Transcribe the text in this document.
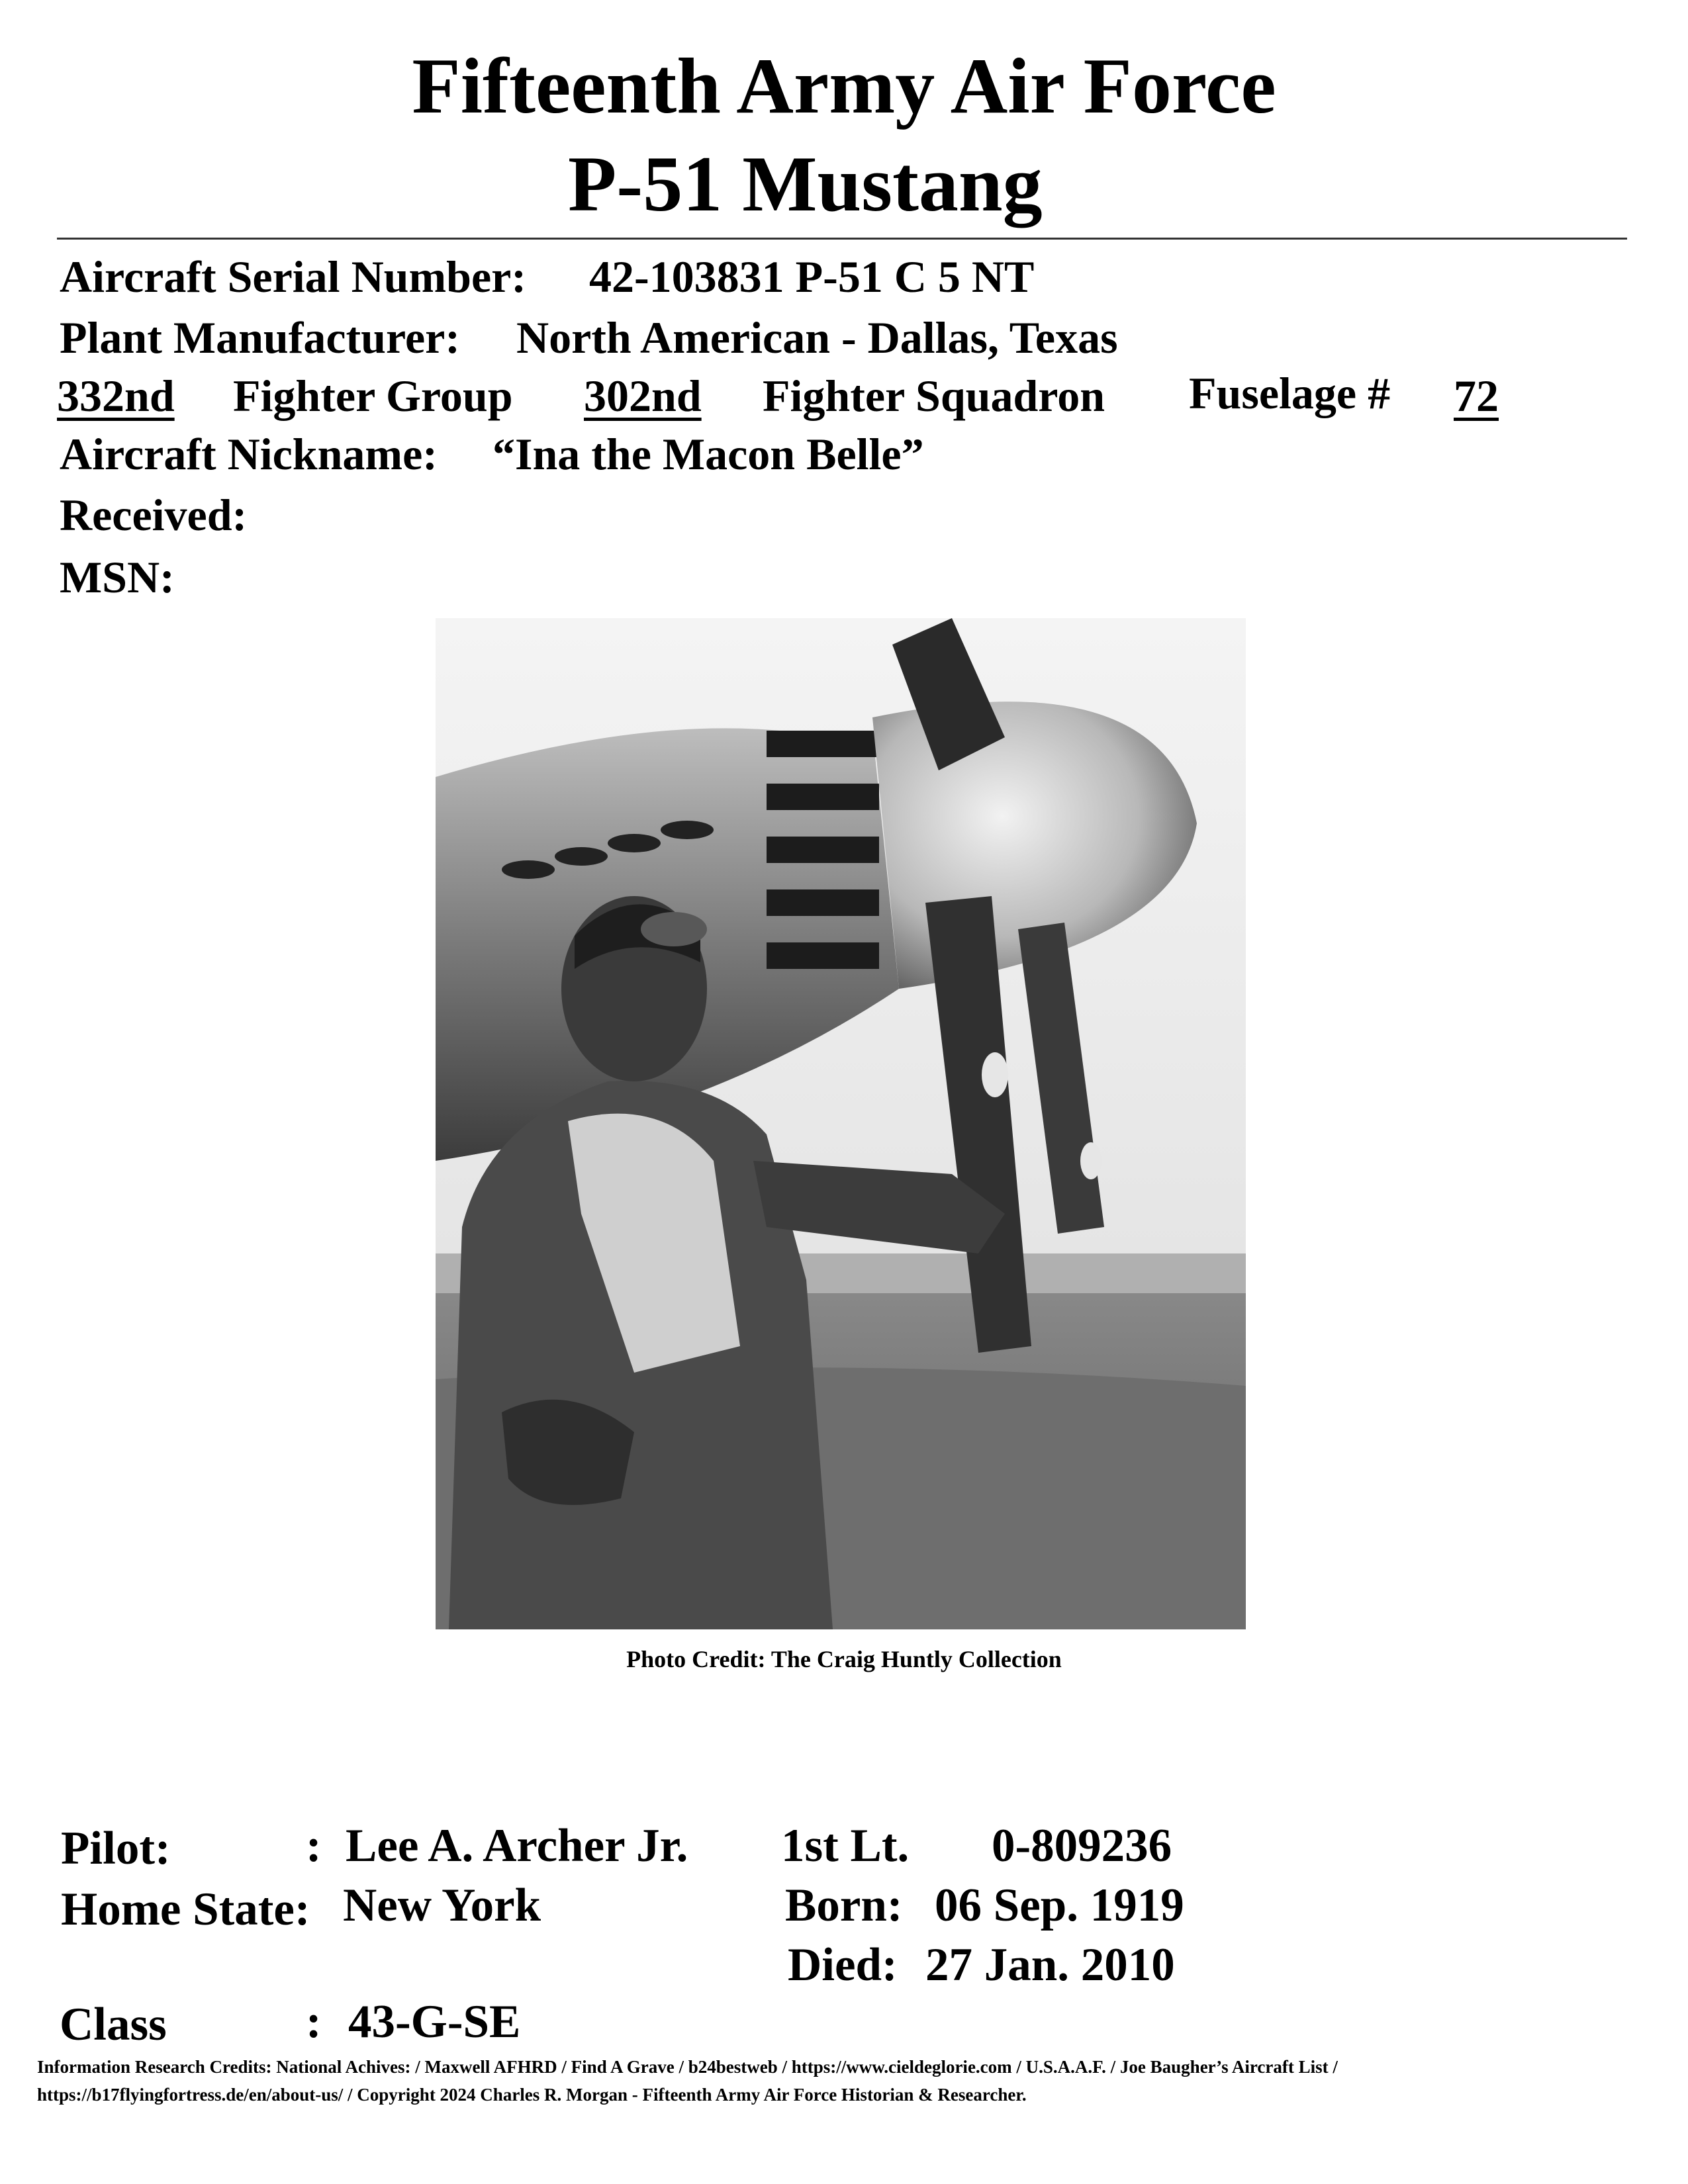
Fifteenth Army Air Force
P-51 Mustang
Aircraft Serial Number: 42-103831 P-51 C 5 NT
Plant Manufacturer: North American - Dallas, Texas
332nd	Fighter Group 302nd	Fighter Squadron Fuselage #	72
Aircraft Nickname: “Ina the Macon Belle”
Received:
MSN:
Photo Credit: The Craig Huntly Collection
Pilot:	: Lee A. Archer Jr. 1st Lt. 0-809236
Home State: New York	Born: 06 Sep. 1919
Died: 27 Jan. 2010
Class	: 43-G-SE
Information Research Credits: National Achives: / Maxwell AFHRD / Find A Grave / b24bestweb / https://www.cieldeglorie.com / U.S.A.A.F. / Joe Baugher’s Aircraft List /
https://b17flyingfortress.de/en/about-us/ / Copyright 2024 Charles R. Morgan - Fifteenth Army Air Force Historian & Researcher.
